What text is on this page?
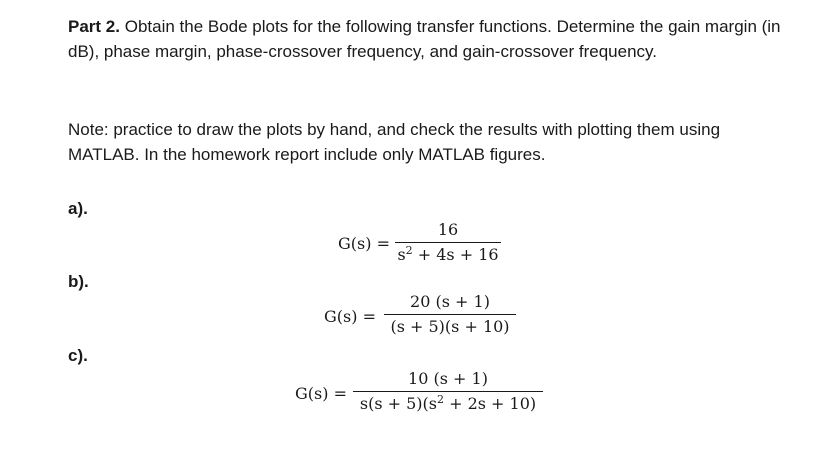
Part 2. Obtain the Bode plots for the following transfer functions. Determine the gain margin (in dB), phase margin, phase-crossover frequency, and gain-crossover frequency.

Note: practice to draw the plots by hand, and check the results with plotting them using MATLAB. In the homework report include only MATLAB figures.

a).
G(s) =
16
$s^2 + 4s + 16$
b).
G(s) =
20 (s + 1)
(s + 5)(s + 10)
c).
G(s) =
10 (s + 1)
$s(s + 5)(s^2 + 2s + 10)$
